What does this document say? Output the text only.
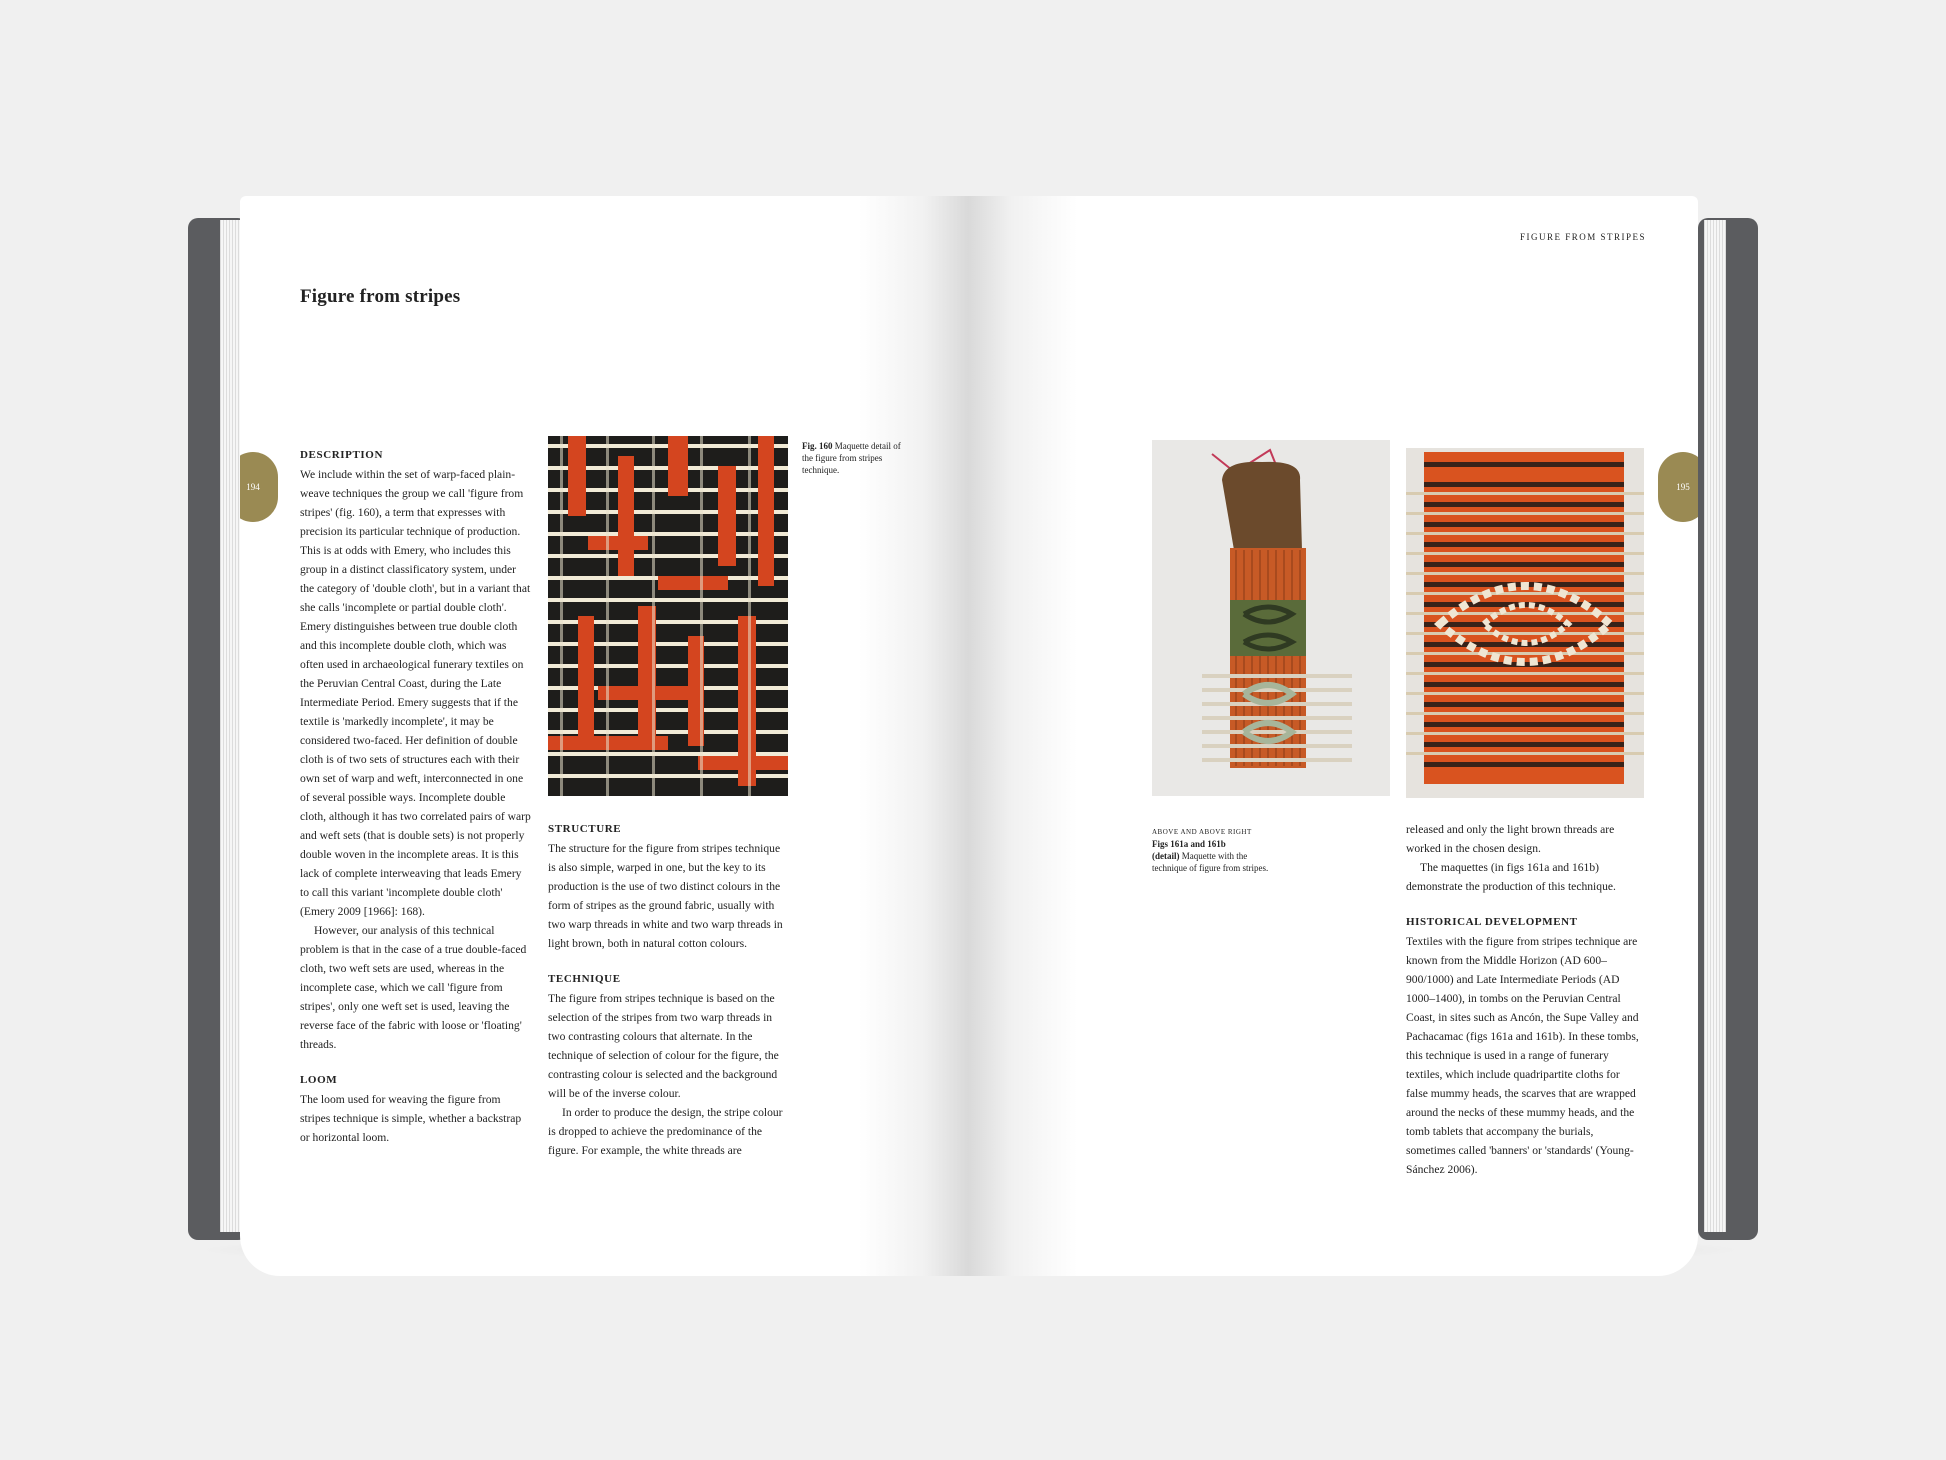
Figure from stripes
194

DESCRIPTION

We include within the set of warp-faced plain-weave techniques the group we call 'figure from stripes' (fig. 160), a term that expresses with precision its particular technique of production. This is at odds with Emery, who includes this group in a distinct classificatory system, under the category of 'double cloth', but in a variant that she calls 'incomplete or partial double cloth'. Emery distinguishes between true double cloth and this incomplete double cloth, which was often used in archaeological funerary textiles on the Peruvian Central Coast, during the Late Intermediate Period. Emery suggests that if the textile is 'markedly incomplete', it may be considered two-faced. Her definition of double cloth is of two sets of structures each with their own set of warp and weft, interconnected in one of several possible ways. Incomplete double cloth, although it has two correlated pairs of warp and weft sets (that is double sets) is not properly double woven in the incomplete areas. It is this lack of complete interweaving that leads Emery to call this variant 'incomplete double cloth' (Emery 2009 [1966]: 168).

However, our analysis of this technical problem is that in the case of a true double-faced cloth, two weft sets are used, whereas in the incomplete case, which we call 'figure from stripes', only one weft set is used, leaving the reverse face of the fabric with loose or 'floating' threads.

LOOM

The loom used for weaving the figure from stripes technique is simple, whether a backstrap or horizontal loom.

Fig. 160 Maquette detail of the figure from stripes technique.

STRUCTURE

The structure for the figure from stripes technique is also simple, warped in one, but the key to its production is the use of two distinct colours in the form of stripes as the ground fabric, usually with two warp threads in white and two warp threads in light brown, both in natural cotton colours.

TECHNIQUE

The figure from stripes technique is based on the selection of the stripes from two warp threads in two contrasting colours that alternate. In the technique of selection of colour for the figure, the contrasting colour is selected and the background will be of the inverse colour.

In order to produce the design, the stripe colour is dropped to achieve the predominance of the figure. For example, the white threads are

FIGURE FROM STRIPES
195
ABOVE AND ABOVE RIGHT
Figs 161a and 161b
(detail) Maquette with the technique of figure from stripes.

released and only the light brown threads are worked in the chosen design.

The maquettes (in figs 161a and 161b) demonstrate the production of this technique.

HISTORICAL DEVELOPMENT

Textiles with the figure from stripes technique are known from the Middle Horizon (AD 600–900/1000) and Late Intermediate Periods (AD 1000–1400), in tombs on the Peruvian Central Coast, in sites such as Ancón, the Supe Valley and Pachacamac (figs 161a and 161b). In these tombs, this technique is used in a range of funerary textiles, which include quadripartite cloths for false mummy heads, the scarves that are wrapped around the necks of these mummy heads, and the tomb tablets that accompany the burials, sometimes called 'banners' or 'standards' (Young-Sánchez 2006).
